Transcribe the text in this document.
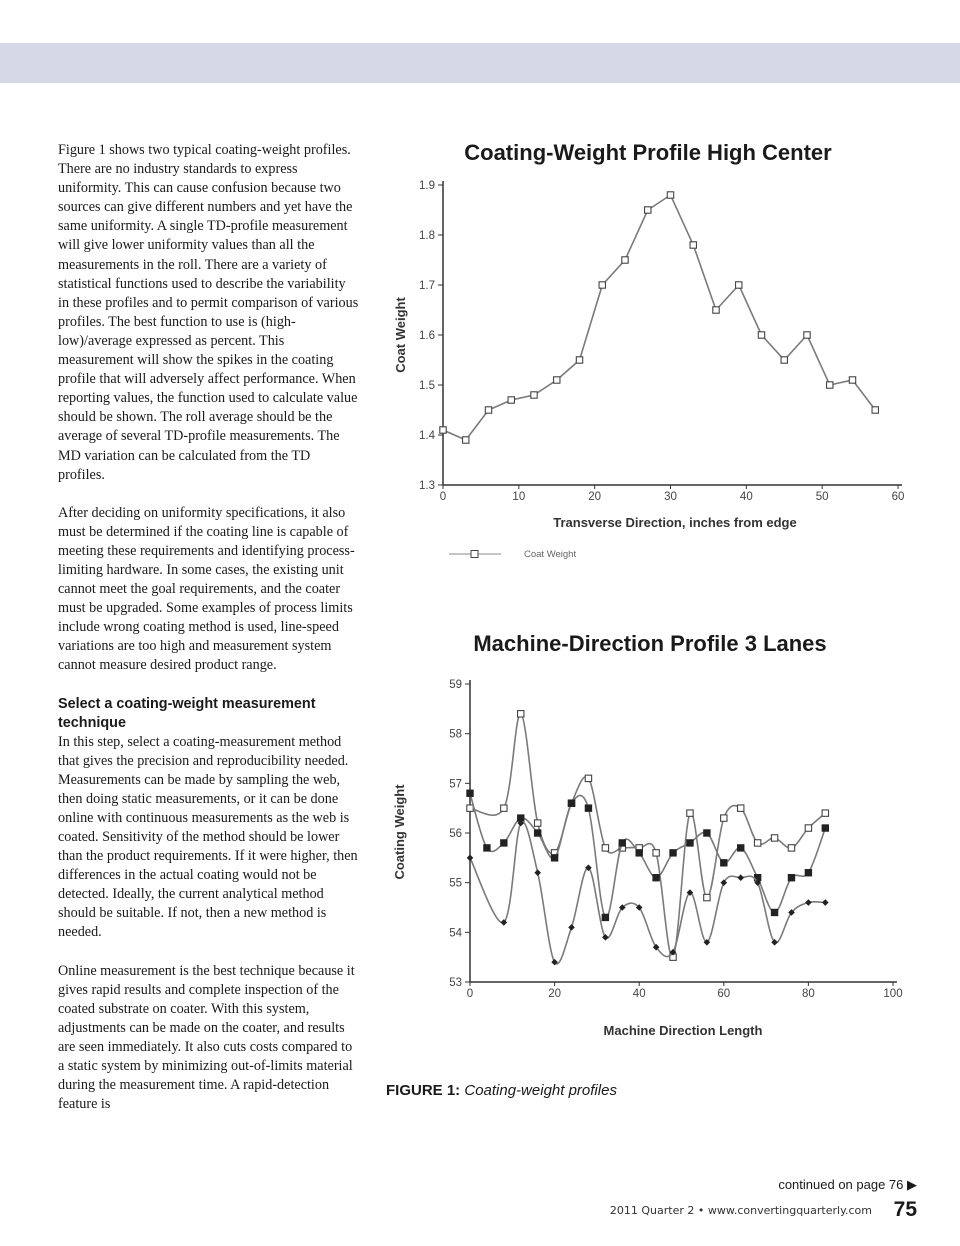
Figure 1 shows two typical coating-weight profiles. There are no industry standards to express uniformity. This can cause confusion because two sources can give different numbers and yet have the same uniformity. A single TD-profile measurement will give lower uniformity values than all the measurements in the roll. There are a variety of statistical functions used to describe the variability in these profiles and to permit comparison of various profiles. The best function to use is (high-low)/average expressed as percent. This measurement will show the spikes in the coating profile that will adversely affect performance. When reporting values, the function used to calculate value should be shown. The roll average should be the average of several TD-profile measurements. The MD variation can be calculated from the TD profiles.

After deciding on uniformity specifications, it also must be determined if the coating line is capable of meeting these requirements and identifying process-limiting hardware. In some cases, the existing unit cannot meet the goal requirements, and the coater must be upgraded. Some examples of process limits include wrong coating method is used, line-speed variations are too high and measurement system cannot measure desired product range.

Select a coating-weight measurement technique

In this step, select a coating-measurement method that gives the precision and reproducibility needed. Measurements can be made by sampling the web, then doing static measurements, or it can be done online with continuous measurements as the web is coated. Sensitivity of the method should be lower than the product requirements. If it were higher, then differences in the actual coating would not be detected. Ideally, the current analytical method should be suitable. If not, then a new method is needed.

Online measurement is the best technique because it gives rapid results and complete inspection of the coated substrate on coater. With this system, adjustments can be made on the coater, and results are seen immediately. It also cuts costs compared to a static system by minimizing out-of-limits material during the measurement time. A rapid-detection feature is

Coating-Weight Profile High Center
Coat Weight
Transverse Direction, inches from edge
1.3
1.4
1.5
1.6
1.7
1.8
1.9
0	10	20	30	40	50	60
Coat Weight
Machine-Direction Profile 3 Lanes
Coating Weight
Machine Direction Length
53
54
55
56
57
58
59
0	20	40	60	80	100
FIGURE 1: Coating-weight profiles
continued on page 76 ▶
2011 Quarter 2 • www.convertingquarterly.com 75
